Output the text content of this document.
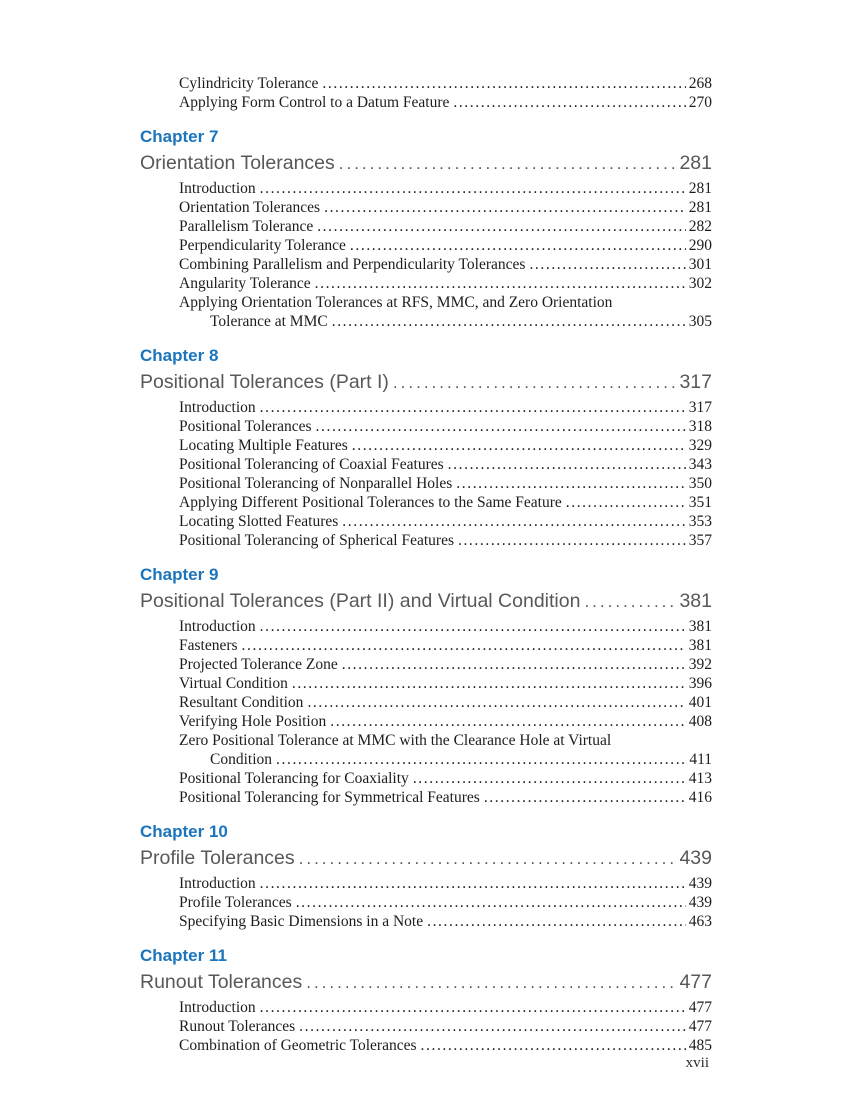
Cylindricity Tolerance .....	268
Applying Form Control to a Datum Feature .....	270
Chapter 7
Orientation Tolerances .....	281
Introduction .....	281
Orientation Tolerances .....	281
Parallelism Tolerance .....	282
Perpendicularity Tolerance .....	290
Combining Parallelism and Perpendicularity Tolerances .....	301
Angularity Tolerance .....	302
Applying Orientation Tolerances at RFS, MMC, and Zero Orientation
Tolerance at MMC .....	305
Chapter 8
Positional Tolerances (Part I) .....	317
Introduction .....	317
Positional Tolerances .....	318
Locating Multiple Features .....	329
Positional Tolerancing of Coaxial Features .....	343
Positional Tolerancing of Nonparallel Holes .....	350
Applying Different Positional Tolerances to the Same Feature .....	351
Locating Slotted Features .....	353
Positional Tolerancing of Spherical Features .....	357
Chapter 9
Positional Tolerances (Part II) and Virtual Condition .....	381
Introduction .....	381
Fasteners .....	381
Projected Tolerance Zone .....	392
Virtual Condition .....	396
Resultant Condition .....	401
Verifying Hole Position .....	408
Zero Positional Tolerance at MMC with the Clearance Hole at Virtual
Condition .....	411
Positional Tolerancing for Coaxiality .....	413
Positional Tolerancing for Symmetrical Features .....	416
Chapter 10
Profile Tolerances .....	439
Introduction .....	439
Profile Tolerances .....	439
Specifying Basic Dimensions in a Note .....	463
Chapter 11
Runout Tolerances .....	477
Introduction .....	477
Runout Tolerances .....	477
Combination of Geometric Tolerances .....	485
xvii
